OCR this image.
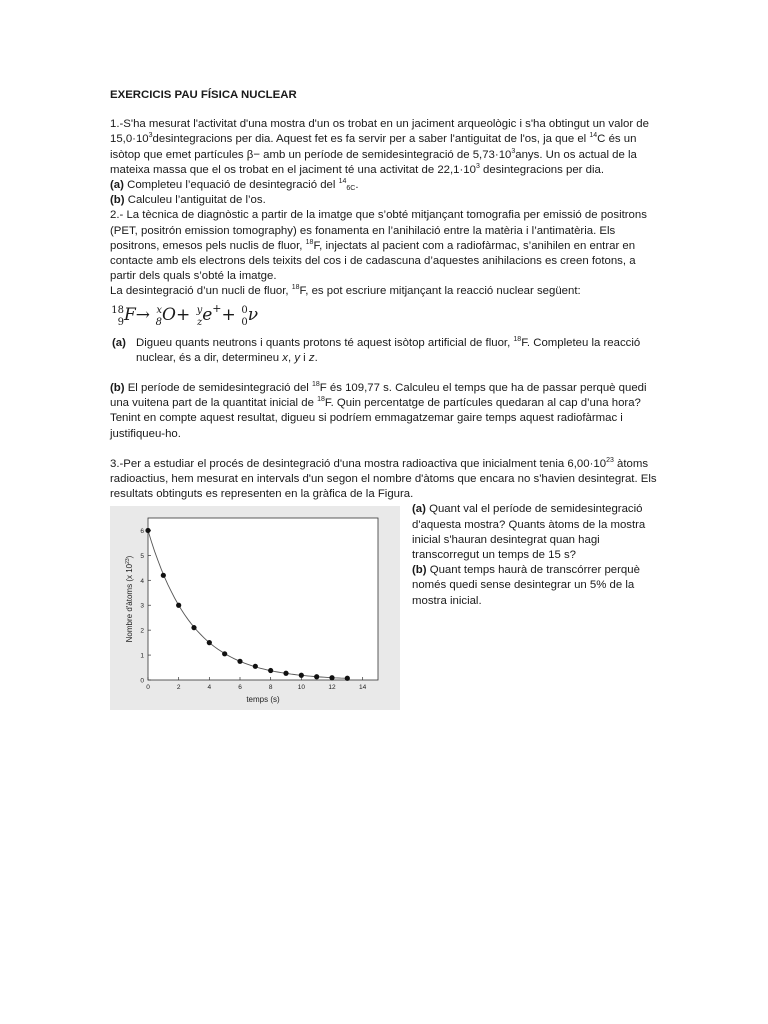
EXERCICIS PAU FÍSICA NUCLEAR

1.-S'ha mesurat l'activitat d'una mostra d'un os trobat en un jaciment arqueològic i s'ha obtingut un valor de $15,0\cdot 10^3desintegracions$ per dia. Aquest fet es fa servir per a saber l'antiguitat de l'os, ja que el $^{14}$C és un isòtop que emet partícules β− amb un període de semidesintegració de $5,73\cdot 10^3anys$. Un os actual de la mateixa massa que el os trobat en el jaciment té una activitat de $22,1\cdot 10^3$ desintegracions per dia.

(a) Completeu l’equació de desintegració del $^{14}_{6C}$.

(b) Calculeu l’antiguitat de l’os.

2.- La tècnica de diagnòstic a partir de la imatge que s’obté mitjançant tomografia per emissió de positrons (PET, positrón emission tomography) es fonamenta en l’anihilació entre la matèria i l’antimatèria. Els positrons, emesos pels nuclis de fluor, $^{18}$F, injectats al pacient com a radiofàrmac, s’anihilen en entrar en contacte amb els electrons dels teixits del cos i de cadascuna d’aquestes anihilacions es creen fotons, a partir dels quals s’obté la imatge.

La desintegració d’un nucli de fluor, $^{18}$F, es pot escriure mitjançant la reacció nuclear següent:

18
9 F→ x
8 O+ y
z e++ 0
0 ν
(a) Digueu quants neutrons i quants protons té aquest isòtop artificial de fluor, $^{18}$F. Completeu la reacció nuclear, és a dir, determineu x, y i z.

(b) El període de semidesintegració del $^{18}$F és 109,77 s. Calculeu el temps que ha de passar perquè quedi una vuitena part de la quantitat inicial de $^{18}$F. Quin percentatge de partícules quedaran al cap d’una hora? Tenint en compte aquest resultat, digueu si podríem emmagatzemar gaire temps aquest radiofàrmac i justifiqueu-ho.

3.-Per a estudiar el procés de desintegració d'una mostra radioactiva que inicialment tenia $6,00\cdot 10^{23}$ àtoms radioactius, hem mesurat en intervals d'un segon el nombre d'àtoms que encara no s'havien desintegrat. Els resultats obtinguts es representen en la gràfica de la Figura.

0
1
2
3
4
5
6
0	2	4	6	8	10	12	14
temps (s)
Nombre d'àtoms (x $10^{23}$)

(a) Quant val el període de semidesintegració d'aquesta mostra? Quants àtoms de la mostra inicial s'hauran desintegrat quan hagi transcorregut un temps de 15 s?

(b) Quant temps haurà de transcórrer perquè només quedi sense desintegrar un 5% de la mostra inicial.
